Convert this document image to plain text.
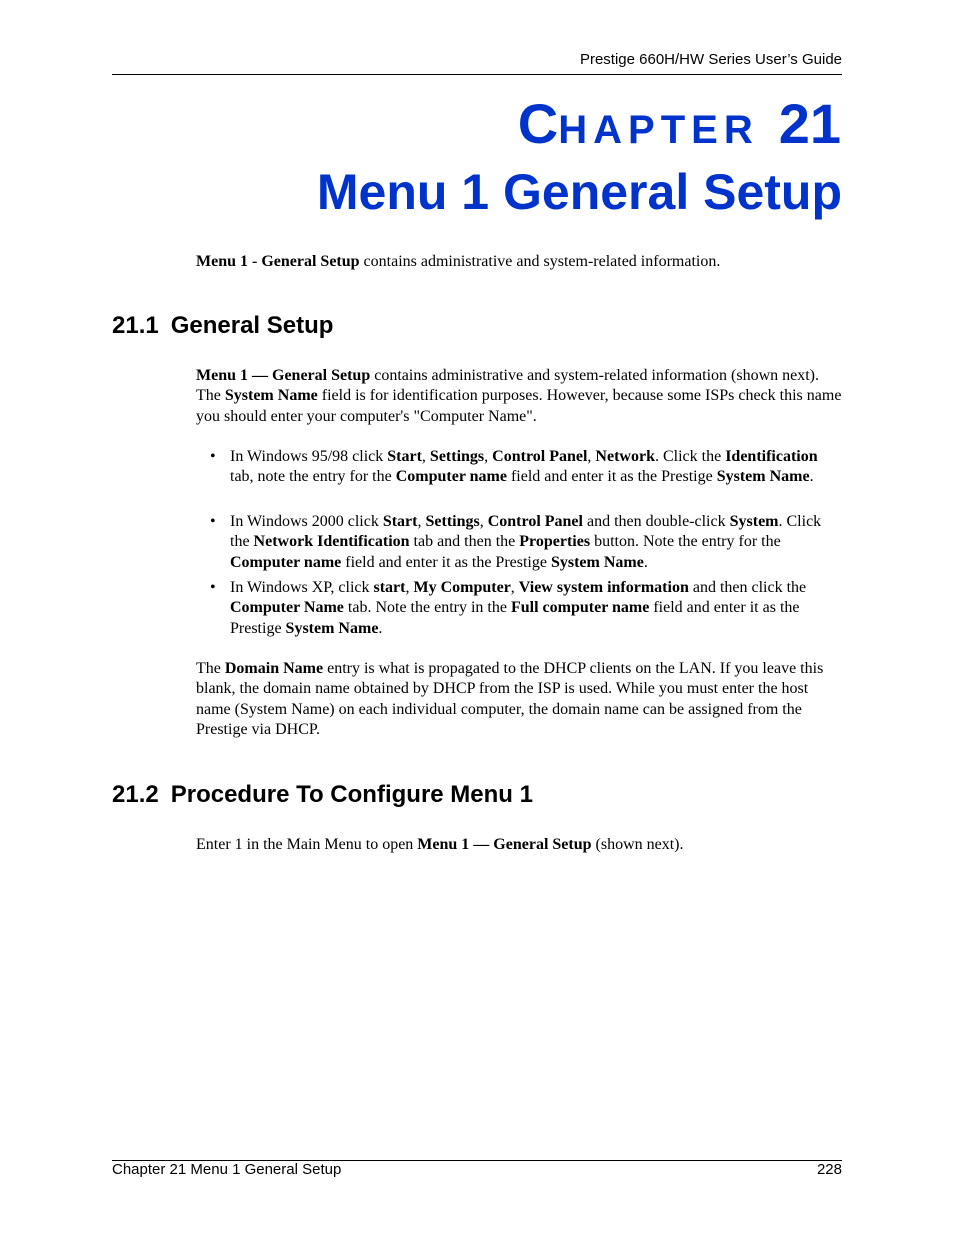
Prestige 660H/HW Series User’s Guide
CHAPTER 21
Menu 1 General Setup
Menu 1 - General Setup contains administrative and system-related information.
21.1 General Setup
Menu 1 — General Setup contains administrative and system-related information (shown next). The System Name field is for identification purposes. However, because some ISPs check this name you should enter your computer's "Computer Name".
• In Windows 95/98 click Start, Settings, Control Panel, Network. Click the Identification tab, note the entry for the Computer name field and enter it as the Prestige System Name.
• In Windows 2000 click Start, Settings, Control Panel and then double-click System. Click the Network Identification tab and then the Properties button. Note the entry for the Computer name field and enter it as the Prestige System Name.
• In Windows XP, click start, My Computer, View system information and then click the Computer Name tab. Note the entry in the Full computer name field and enter it as the Prestige System Name.
The Domain Name entry is what is propagated to the DHCP clients on the LAN. If you leave this blank, the domain name obtained by DHCP from the ISP is used. While you must enter the host name (System Name) on each individual computer, the domain name can be assigned from the Prestige via DHCP.
21.2 Procedure To Configure Menu 1
Enter 1 in the Main Menu to open Menu 1 — General Setup (shown next).
Chapter 21 Menu 1 General Setup	228
